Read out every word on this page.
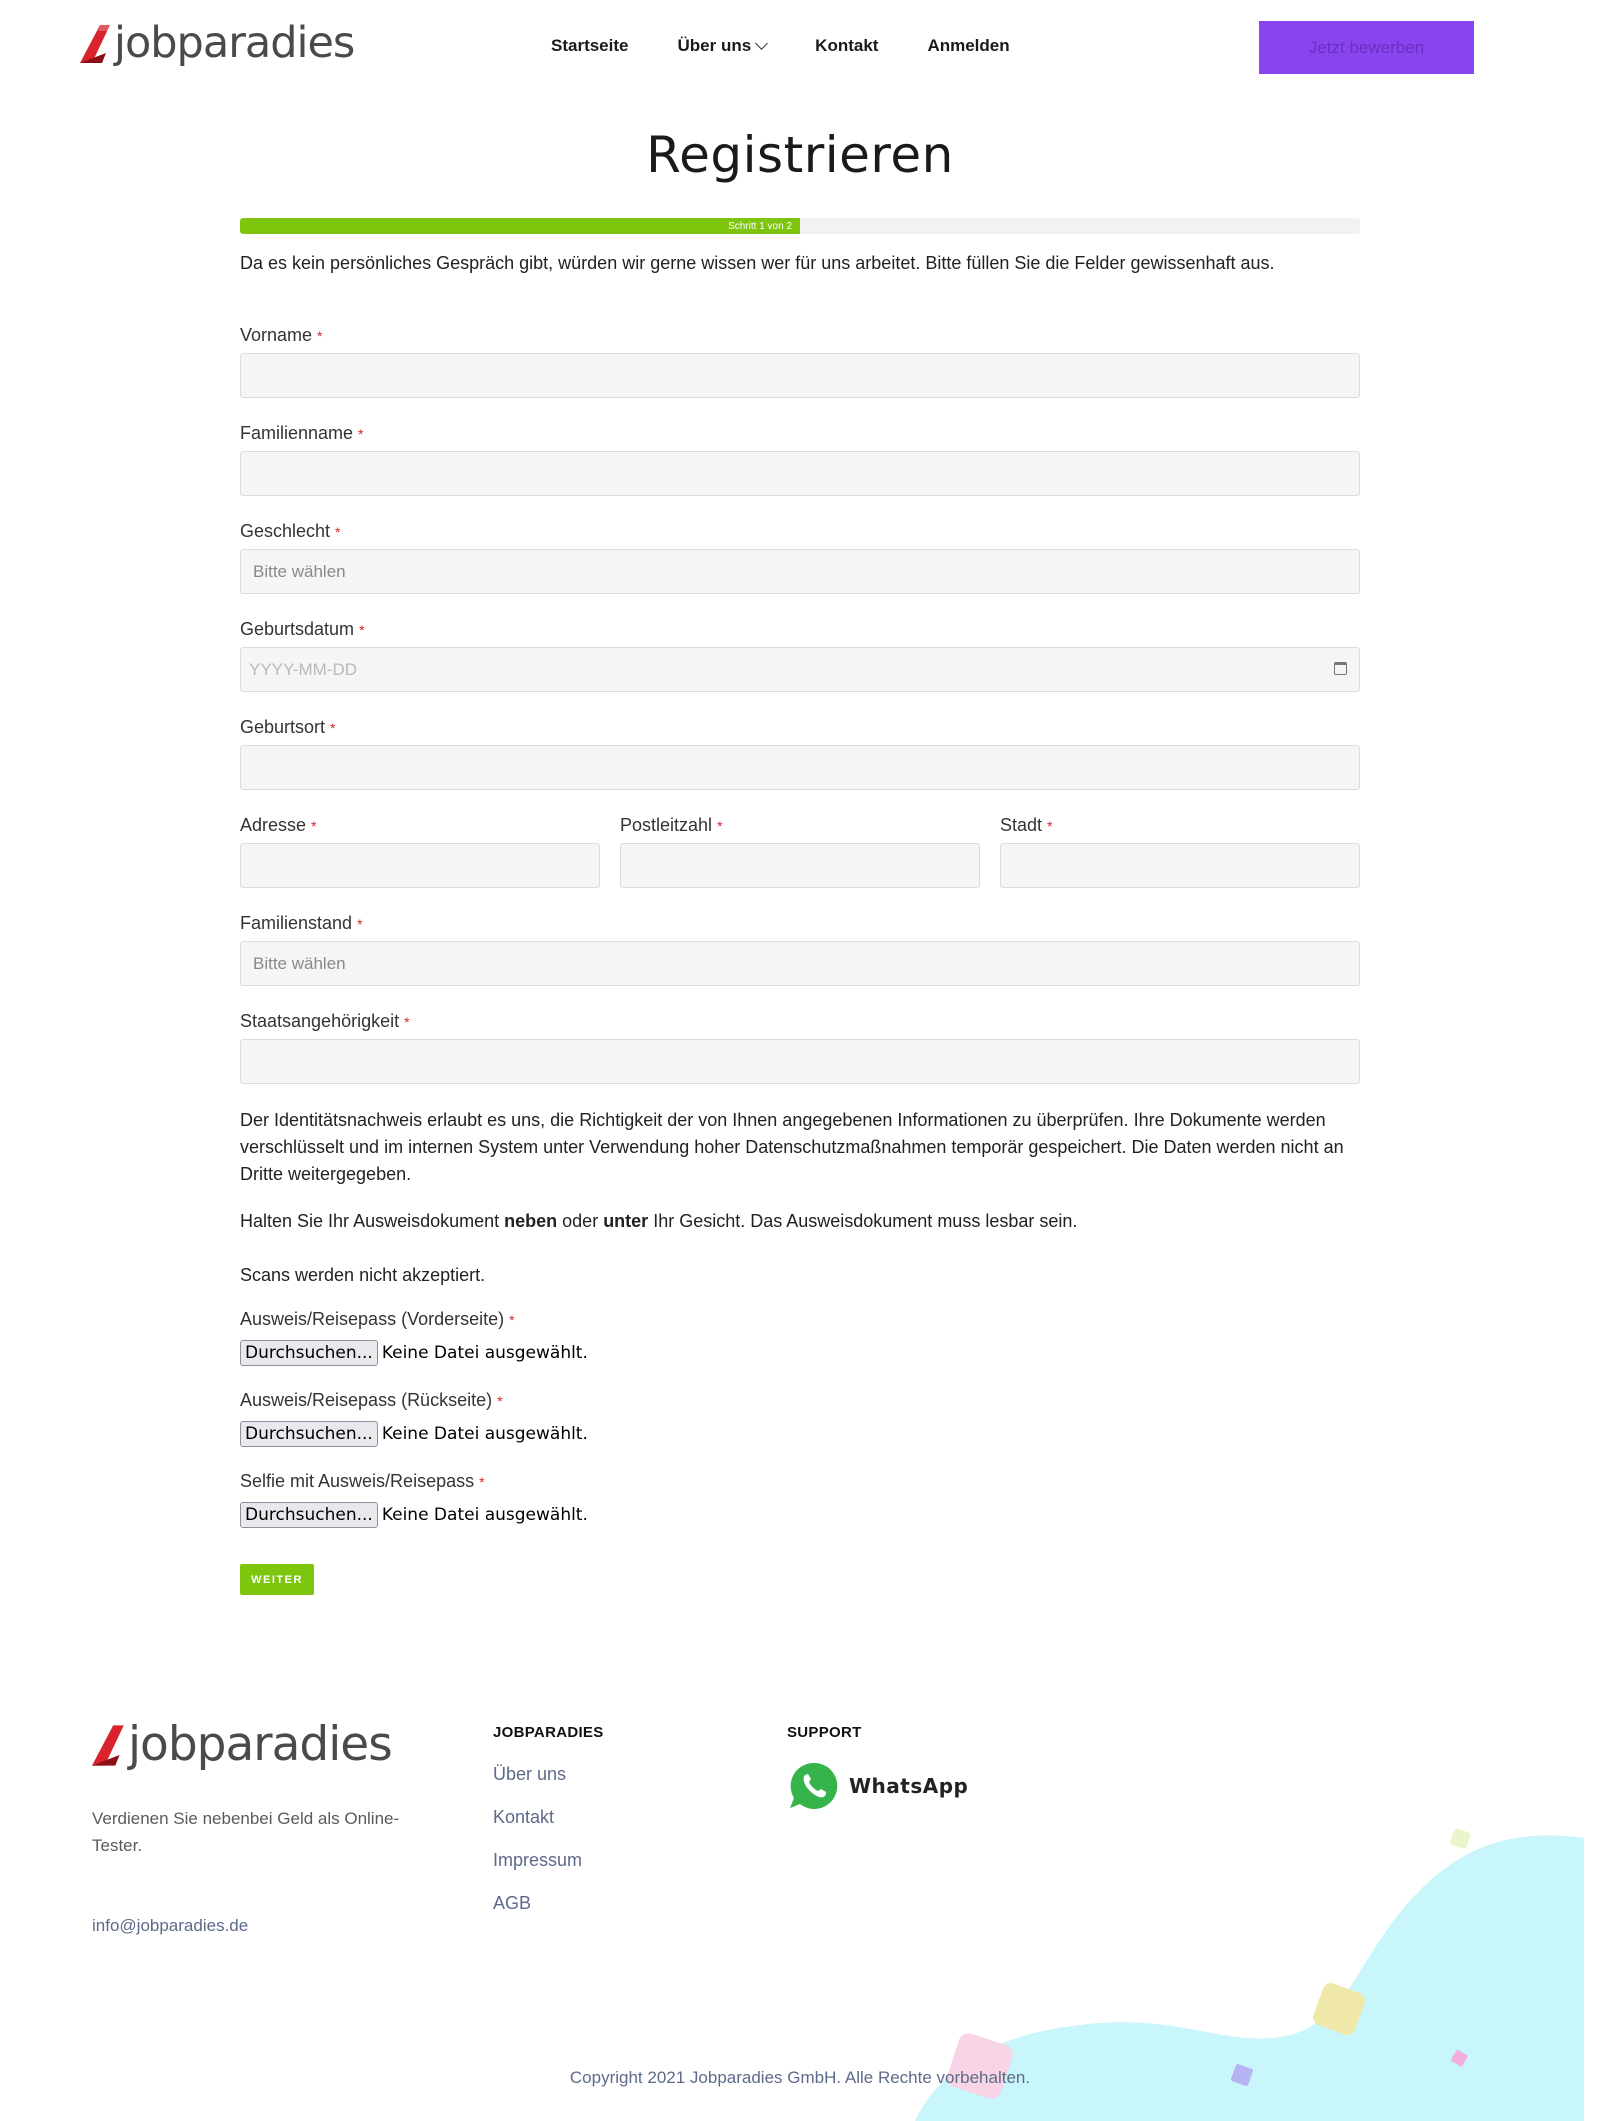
jobparadies	Startseite	Über uns	Kontakt	Anmelden	Jetzt bewerben
Registrieren
Schritt 1 von 2

Da es kein persönliches Gespräch gibt, würden wir gerne wissen wer für uns arbeitet. Bitte füllen Sie die Felder gewissenhaft aus.

Vorname *
Familienname *
Geschlecht *
Bitte wählen
Geburtsdatum *
YYYY-MM-DD
Geburtsort *
Adresse *	Postleitzahl *	Stadt *
Familienstand *
Bitte wählen
Staatsangehörigkeit *

Der Identitätsnachweis erlaubt es uns, die Richtigkeit der von Ihnen angegebenen Informationen zu überprüfen. Ihre Dokumente werden verschlüsselt und im internen System unter Verwendung hoher Datenschutzmaßnahmen temporär gespeichert. Die Daten werden nicht an Dritte weitergegeben.

Halten Sie Ihr Ausweisdokument neben oder unter Ihr Gesicht. Das Ausweisdokument muss lesbar sein.

Scans werden nicht akzeptiert.

Ausweis/Reisepass (Vorderseite) *
Durchsuchen... Keine Datei ausgewählt.
Ausweis/Reisepass (Rückseite) *
Durchsuchen... Keine Datei ausgewählt.
Selfie mit Ausweis/Reisepass *
Durchsuchen... Keine Datei ausgewählt.
WEITER
jobparadies

Verdienen Sie nebenbei Geld als Online-Tester.

info@jobparadies.de
JOBPARADIES
Über uns
Kontakt
Impressum
AGB
SUPPORT
WhatsApp

Copyright 2021 Jobparadies GmbH. Alle Rechte vorbehalten.
